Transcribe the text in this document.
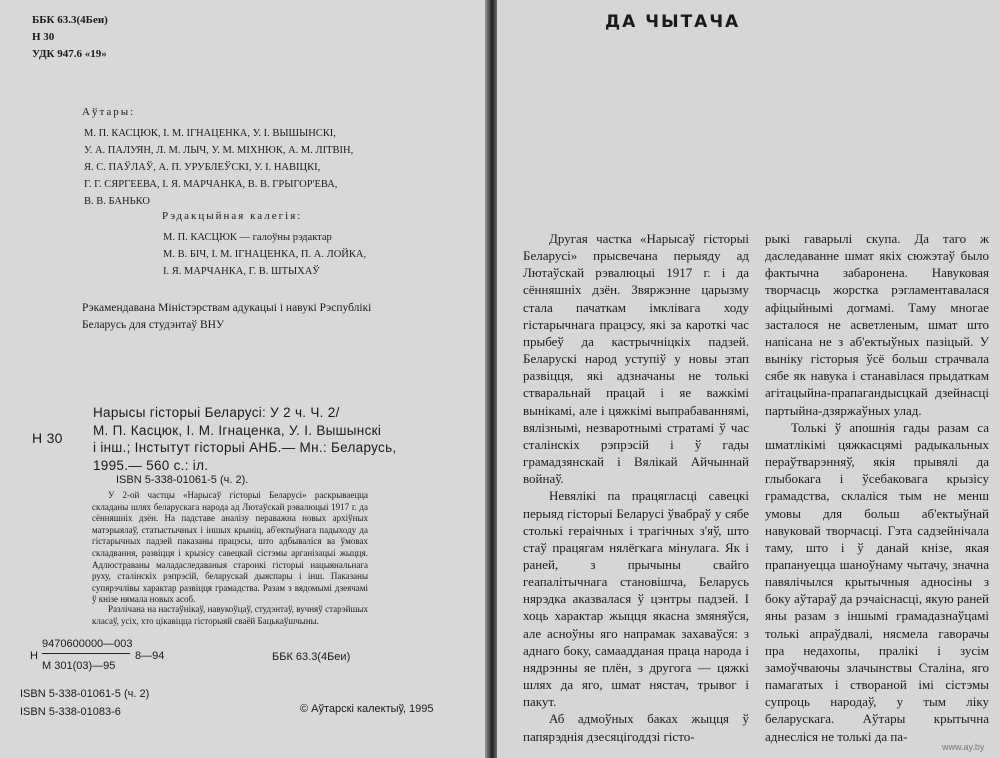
ББК 63.3(4Беи)

Н 30

УДК 947.6 «19»

Аўтары:

М. П. КАСЦЮК, І. М. ІГНАЦЕНКА, У. І. ВЫШЫНСКІ,
У. А. ПАЛУЯН, Л. М. ЛЫЧ, У. М. МІХНЮК, А. М. ЛІТВІН,
Я. С. ПАЎЛАЎ, А. П. УРУБЛЕЎСКІ, У. І. НАВІЦКІ,
Г. Г. СЯРГЕЕВА, І. Я. МАРЧАНКА, В. В. ГРЫГОР'ЕВА,
В. В. БАНЬКО

Рэдакцыйная калегія:

М. П. КАСЦЮК — галоўны рэдактар
М. В. БІЧ, І. М. ІГНАЦЕНКА, П. А. ЛОЙКА,
І. Я. МАРЧАНКА, Г. В. ШТЫХАЎ
Рэкамендавана Міністэрствам адукацыі і навукі Рэспублікі
Беларусь для студэнтаў ВНУ

Н 30

Нарысы гісторыі Беларусі: У 2 ч. Ч. 2/
М. П. Касцюк, І. М. Ігнаценка, У. І. Вышынскі
і інш.; Інстытут гісторыі АНБ.— Мн.: Беларусь,
1995.— 560 с.: іл.

ISBN 5-338-01061-5 (ч. 2).

У 2-ой частцы «Нарысаў гісторыі Беларусі» раскрываецца складаны шлях беларускага народа ад Лютаўскай рэвалюцыі 1917 г. да сённяшніх дзён. На падставе аналізу пераважна новых архіўных матэрыялаў, статыстычных і іншых крыніц, аб'ектыўнага падыходу да гістарычных падзей паказаны працэсы, што адбываліся ва ўмовах складвання, развіцця і крызісу савецкай сістэмы арганізацыі жыцця. Адлюстраваны маладаследаваныя старонкі гісторыі нацыянальнага руху, сталінскіх рэпрэсій, беларускай дыяспары і інш. Паказаны супярэчлівы характар развіцця грамадства. Разам з вядомымі дзеячамі ў кнізе нямала новых асоб.

Разлічана на настаўнікаў, навукоўцаў, студэнтаў, вучняў старэйшых класаў, усіх, хто цікавіцца гісторыяй сваёй Бацькаўшчыны.

Н

9470600000—003

М 301(03)—95

8—94	ББК 63.3(4Беи)

ISBN 5-338-01061-5 (ч. 2)

ISBN 5-338-01083-6	© Аўтарскі калектыў, 1995

ДА ЧЫТАЧА

Другая частка «Нарысаў гісторыі Беларусі» прысвечана перыяду ад Лютаўскай рэвалюцыі 1917 г. і да сённяшніх дзён. Звяржэнне царызму стала пачаткам імклівага ходу гістарычнага працэсу, які за кароткі час прыбеў да кастрычніцкіх падзей. Беларускі народ уступіў у новы этап развіцця, які адзначаны не толькі стваральнай працай і яе важкімі вынікамі, але і цяжкімі выпрабаваннямі, вялізнымі, незваротнымі стратамі ў час сталінскіх рэпрэсій і ў гады грамадзянскай і Вялікай Айчыннай войнаў.

Невялікі па працягласці савецкі перыяд гісторыі Беларусі ўвабраў у сябе столькі гераічных і трагічных з'яў, што стаў працягам нялёгкага мінулага. Як і раней, з прычыны свайго геапалітычнага становішча, Беларусь нярэдка аказвалася ў цэнтры падзей. І хоць характар жыцця якасна змяняўся, але асноўны яго напрамак захаваўся: з аднаго боку, самаадданая праца народа і нядрэнны яе плён, з другога — цяжкі шлях да яго, шмат нястач, трывог і пакут.

Аб адмоўных баках жыцця ў папярэднія дзесяцігоддзі гісто-

рыкі гаварылі скупа. Да таго ж даследаванне шмат якіх сюжэтаў было фактычна забаронена. Навуковая творчасць жорстка рэгламентавалася афіцыйнымі догмамі. Таму многае засталося не асветленым, шмат што напісана не з аб'ектыўных пазіцый. У выніку гісторыя ўсё больш страчвала сябе як навука і станавілася прыдаткам агітацыйна-прапагандысцкай дзейнасці партыйна-дзяржаўных улад.

Толькі ў апошнія гады разам са шматлікімі цяжкасцямі радыкальных пераўтварэнняў, якія прывялі да глыбокага і ўсебаковага крызісу грамадства, склаліся тым не менш умовы для больш аб'ектыўнай навуковай творчасці. Гэта садзейнічала таму, што і ў данай кнізе, якая прапануецца шаноўнаму чытачу, значна павялічылся крытычныя адносіны з боку аўтараў да рэчаіснасці, якую раней яны разам з іншымі грамадазнаўцамі толькі апраўдвалі, нясмела гаворачы пра недахопы, пралікі і зусім замоўчваючы злачынствы Сталіна, яго памагатых і створаной імі сістэмы супроць народаў, у тым ліку беларускага. Аўтары крытычна аднесліся не толькі да па-

www.ay.by
